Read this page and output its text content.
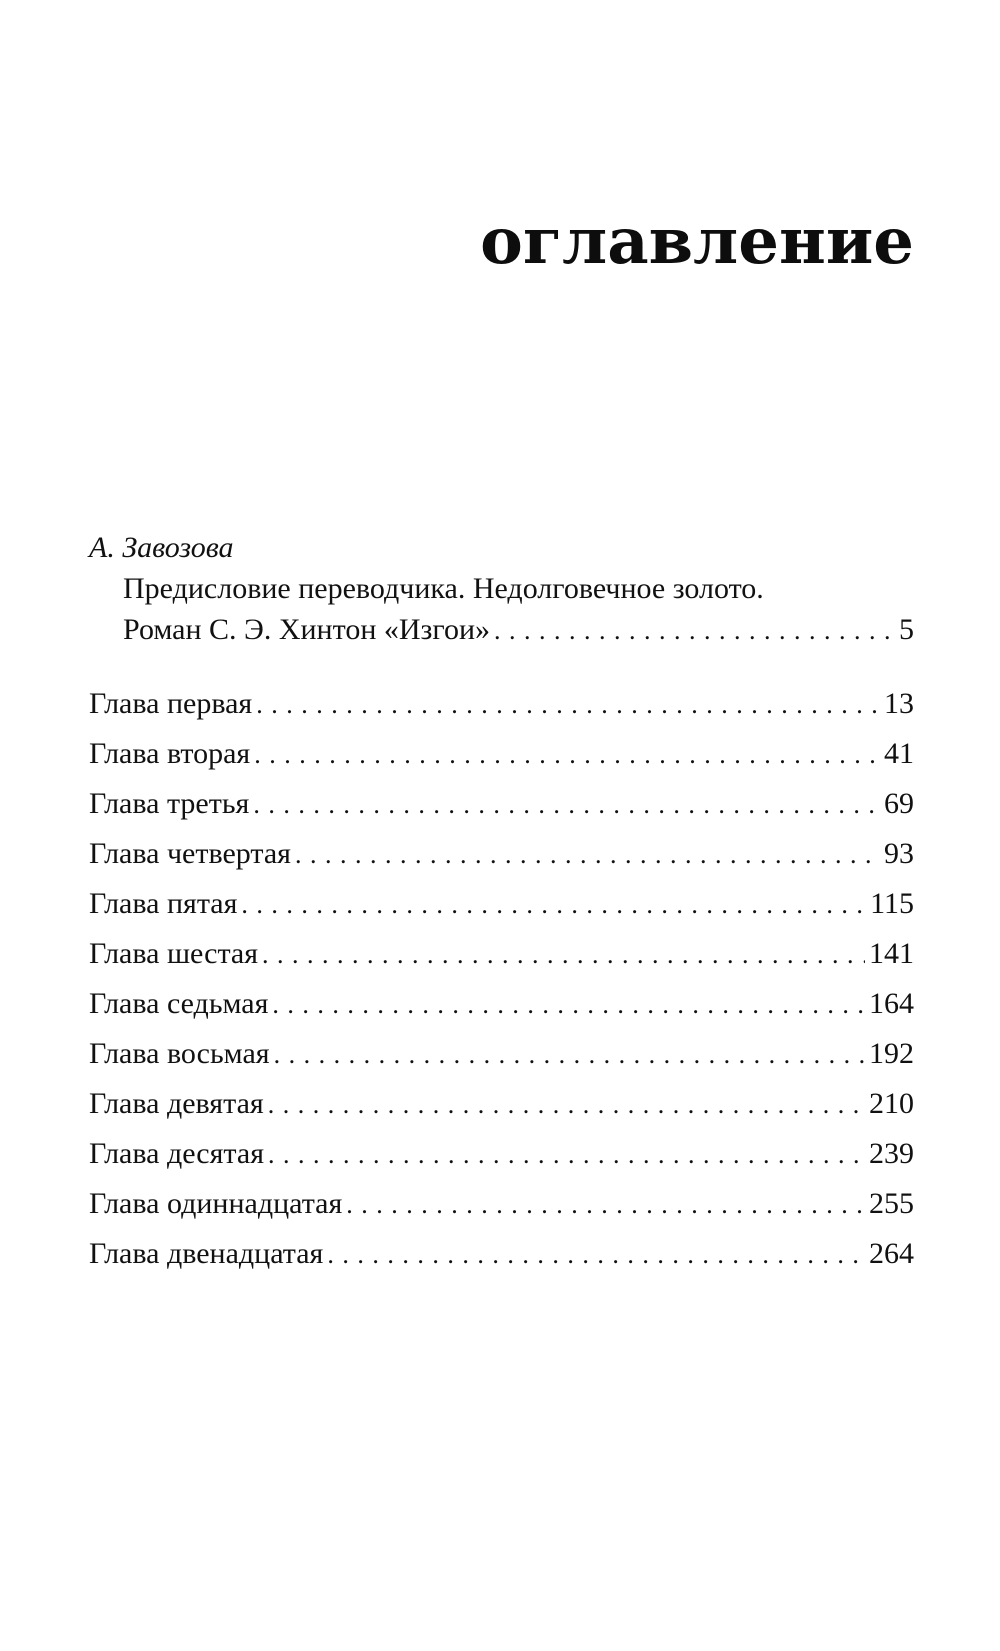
оглавление
А. Завозова
Предисловие переводчика. Недолговечное золото.
Роман С. Э. Хинтон «Изгои» . . .	5
Глава первая . . .	13
Глава вторая . . .	41
Глава третья . . .	69
Глава четвертая . . .	93
Глава пятая . . .	115
Глава шестая . . .	141
Глава седьмая . . .	164
Глава восьмая . . .	192
Глава девятая . . .	210
Глава десятая . . .	239
Глава одиннадцатая . . .	255
Глава двенадцатая . . .	264
